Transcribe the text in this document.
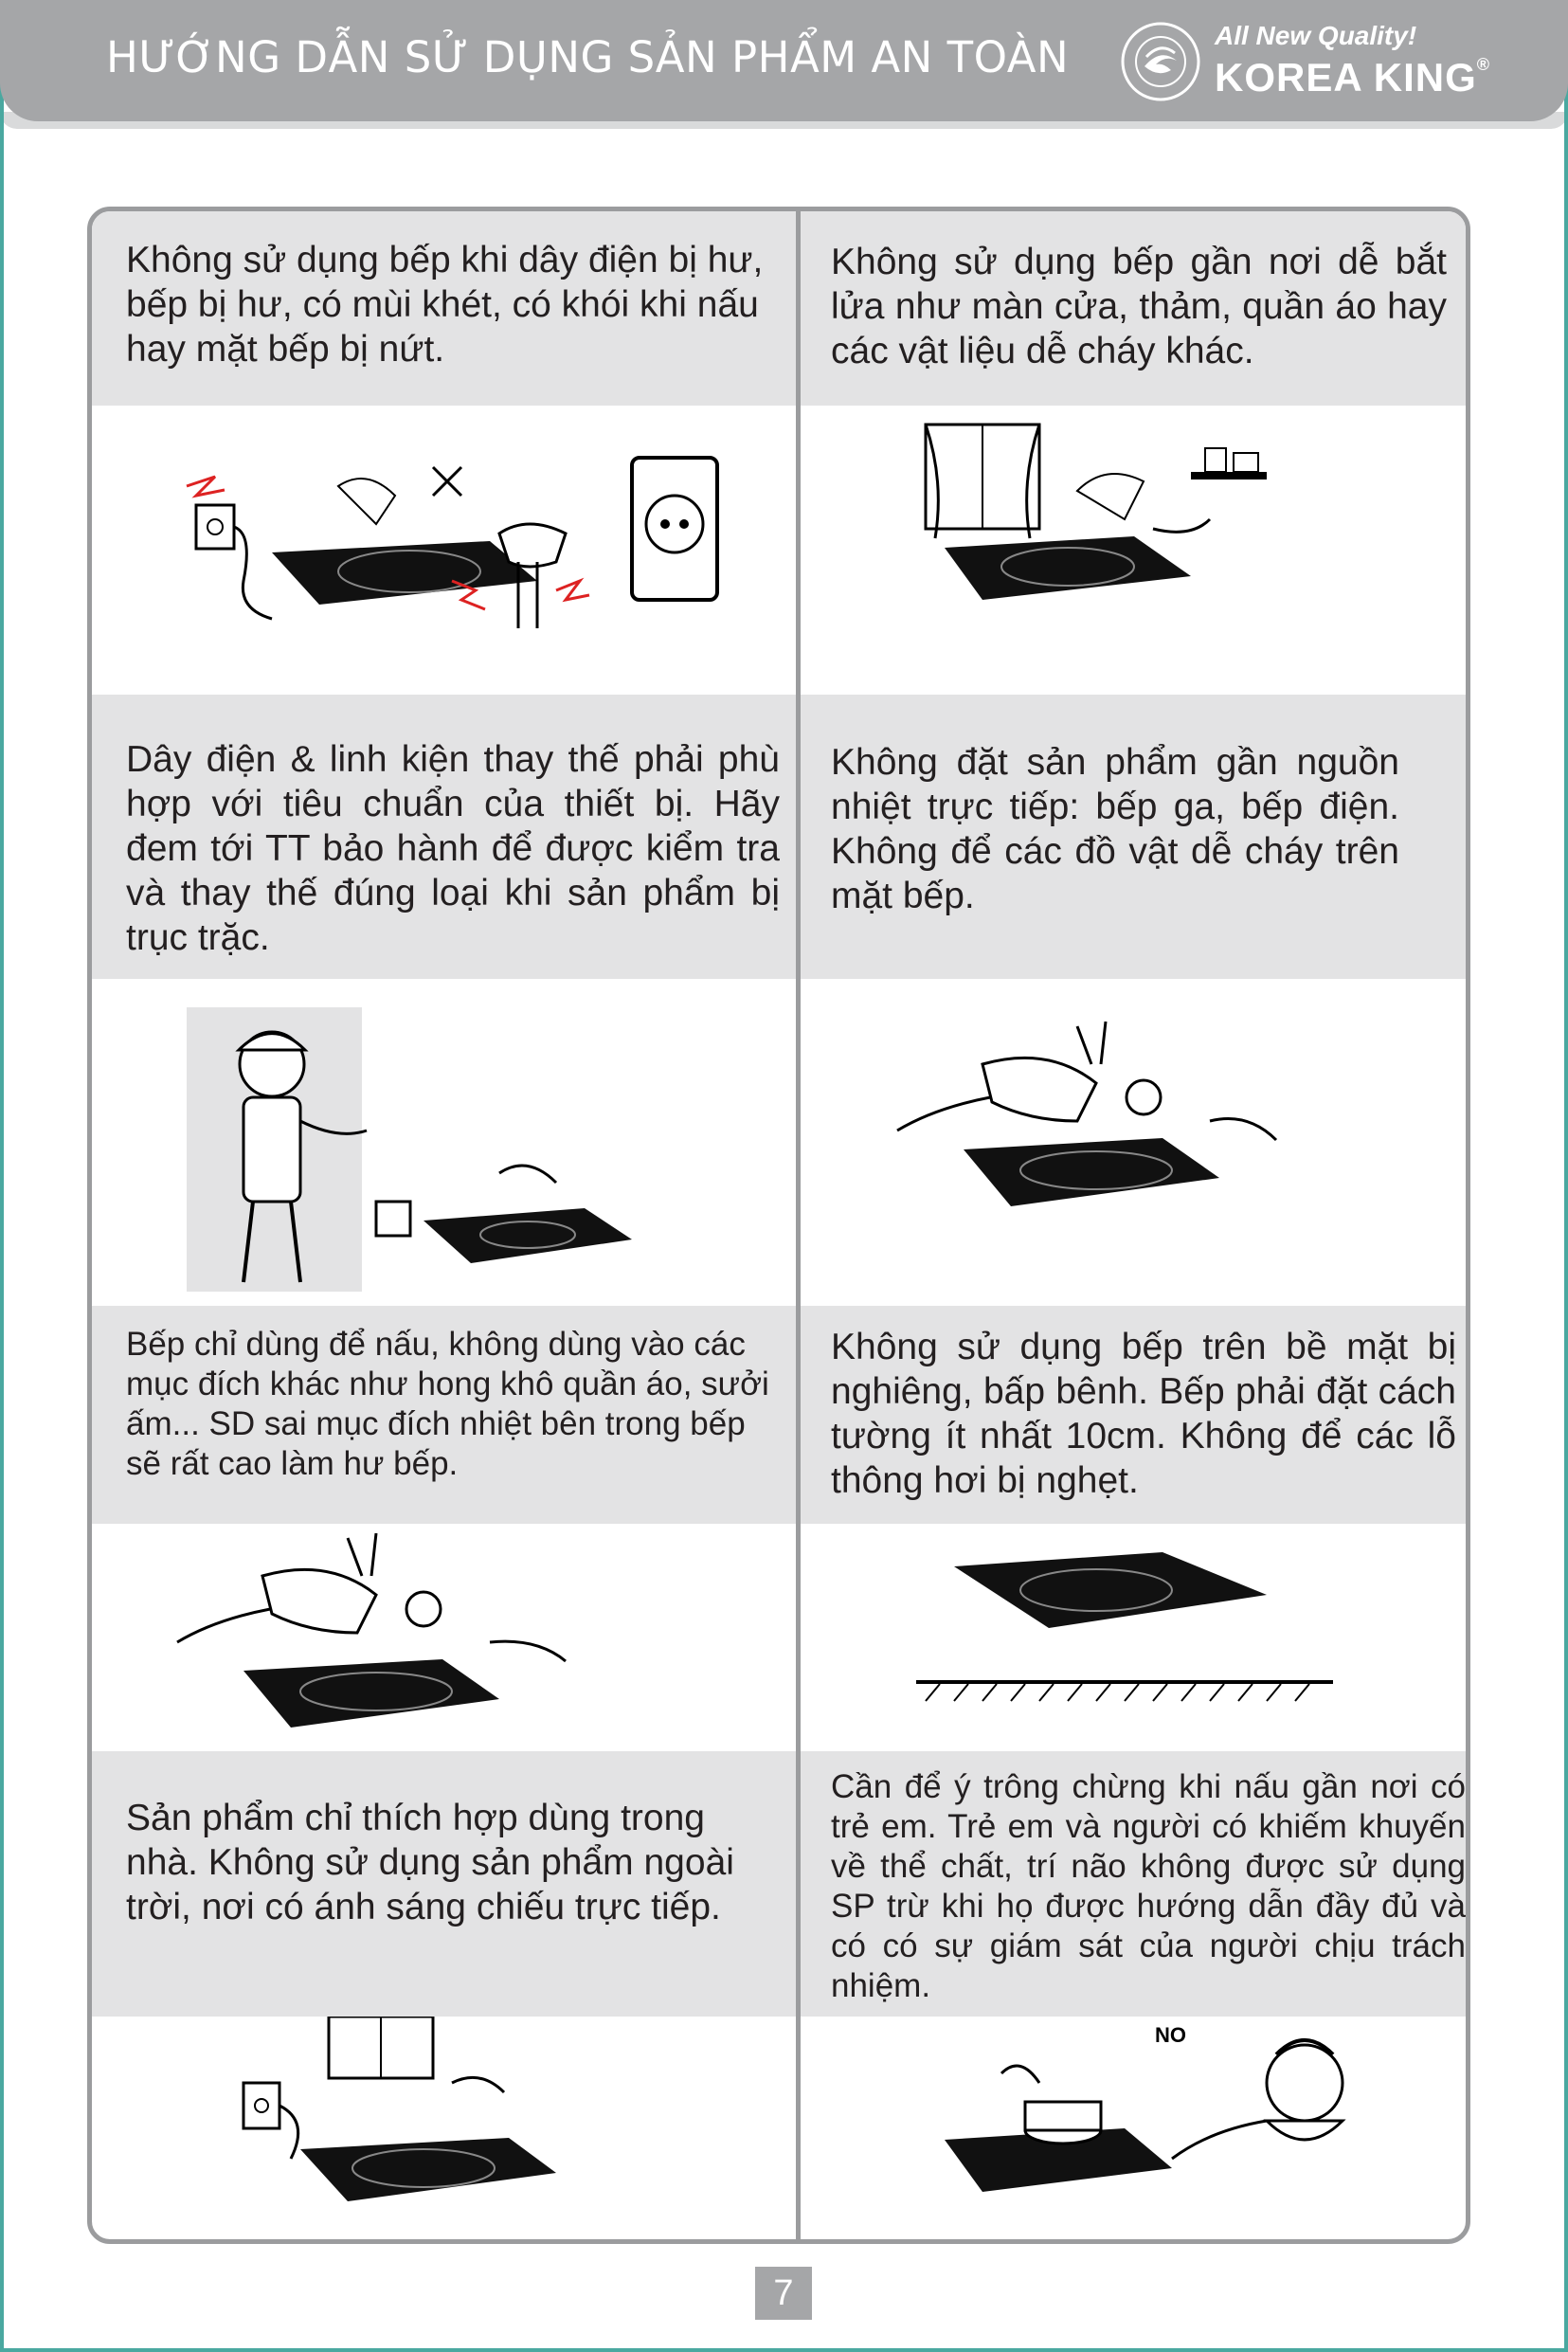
HƯỚNG DẪN SỬ DỤNG SẢN PHẨM AN TOÀN	All New Quality!
KOREA KING®
Không sử dụng bếp khi dây điện bị hư, bếp bị hư, có mùi khét, có khói khi nấu hay mặt bếp bị nứt.
Không sử dụng bếp gần nơi dễ bắt lửa như màn cửa, thảm, quần áo hay các vật liệu dễ cháy khác.
Dây điện & linh kiện thay thế phải phù hợp với tiêu chuẩn của thiết bị. Hãy đem tới TT bảo hành để được kiểm tra và thay thế đúng loại khi sản phẩm bị trục trặc.
Không đặt sản phẩm gần nguồn nhiệt trực tiếp: bếp ga, bếp điện. Không để các đồ vật dễ cháy trên mặt bếp.
Bếp chỉ dùng để nấu, không dùng vào các mục đích khác như hong khô quần áo, sưởi ấm... SD sai mục đích nhiệt bên trong bếp sẽ rất cao làm hư bếp.
Không sử dụng bếp trên bề mặt bị nghiêng, bấp bênh. Bếp phải đặt cách tường ít nhất 10cm. Không để các lỗ thông hơi bị nghẹt.
Sản phẩm chỉ thích hợp dùng trong nhà. Không sử dụng sản phẩm ngoài trời, nơi có ánh sáng chiếu trực tiếp.
Cần để ý trông chừng khi nấu gần nơi có trẻ em. Trẻ em và người có khiếm khuyến về thể chất, trí não không được sử dụng SP trừ khi họ được hướng dẫn đầy đủ và có có sự giám sát của người chịu trách nhiệm.
NO
7
